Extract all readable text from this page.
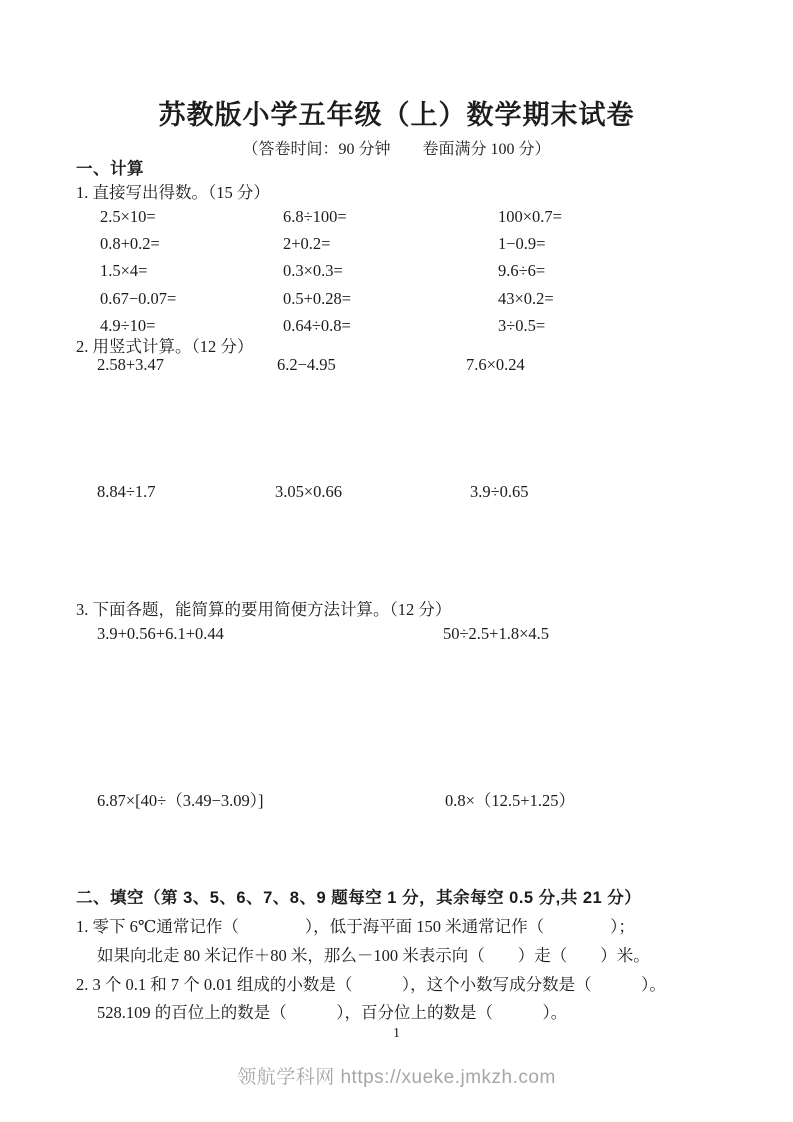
苏教版小学五年级（上）数学期末试卷
（答卷时间：90 分钟　　卷面满分 100 分）
一、计算
1. 直接写出得数。（15 分）
2.5×10=	6.8÷100=	100×0.7=
0.8+0.2=	2+0.2=	1−0.9=
1.5×4=	0.3×0.3=	9.6÷6=
0.67−0.07=	0.5+0.28=	43×0.2=
4.9÷10=	0.64÷0.8=	3÷0.5=
2. 用竖式计算。（12 分）
2.58+3.47	6.2−4.95	7.6×0.24
8.84÷1.7	3.05×0.66	3.9÷0.65
3. 下面各题，能简算的要用简便方法计算。（12 分）
3.9+0.56+6.1+0.44	50÷2.5+1.8×4.5
6.87×[40÷（3.49−3.09）]	0.8×（12.5+1.25）
二、填空（第 3、5、6、7、8、9 题每空 1 分，其余每空 0.5 分,共 21 分）
1. 零下 6℃通常记作（　　　　），低于海平面 150 米通常记作（　　　　）；
如果向北走 80 米记作＋80 米，那么－100 米表示向（　　）走（　　）米。
2. 3 个 0.1 和 7 个 0.01 组成的小数是（　　　），这个小数写成分数是（　　　）。
528.109 的百位上的数是（　　　），百分位上的数是（　　　）。
1
领航学科网 https://xueke.jmkzh.com
